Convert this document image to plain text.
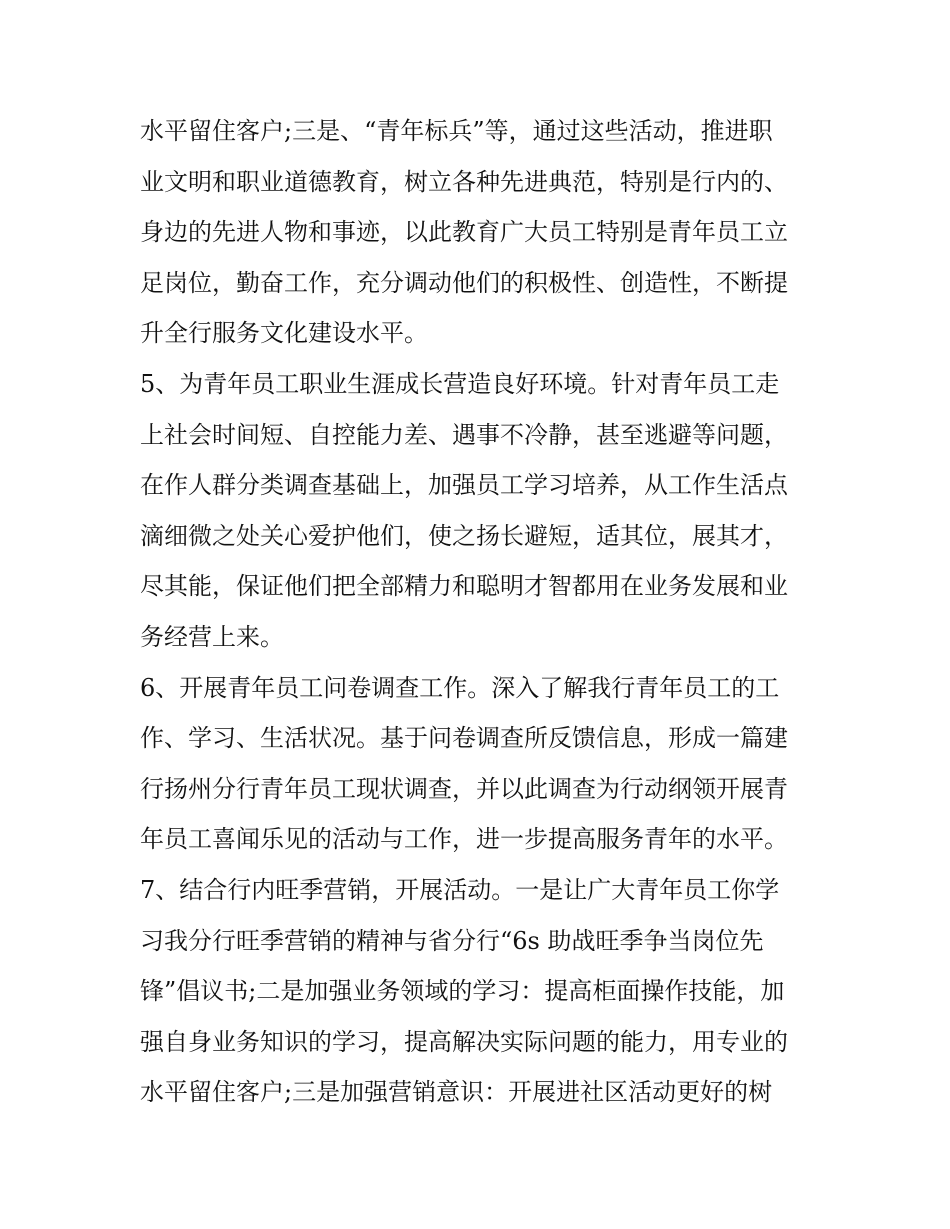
水平留住客户;三是、“青年标兵”等，通过这些活动，推进职
业文明和职业道德教育，树立各种先进典范，特别是行内的、
身边的先进人物和事迹，以此教育广大员工特别是青年员工立
足岗位，勤奋工作，充分调动他们的积极性、创造性，不断提
升全行服务文化建设水平。
5、为青年员工职业生涯成长营造良好环境。针对青年员工走
上社会时间短、自控能力差、遇事不冷静，甚至逃避等问题，
在作人群分类调查基础上，加强员工学习培养，从工作生活点
滴细微之处关心爱护他们，使之扬长避短，适其位，展其才，
尽其能，保证他们把全部精力和聪明才智都用在业务发展和业
务经营上来。
6、开展青年员工问卷调查工作。深入了解我行青年员工的工
作、学习、生活状况。基于问卷调查所反馈信息，形成一篇建
行扬州分行青年员工现状调查，并以此调查为行动纲领开展青
年员工喜闻乐见的活动与工作，进一步提高服务青年的水平。
7、结合行内旺季营销，开展活动。一是让广大青年员工你学
习我分行旺季营销的精神与省分行“6s 助战旺季争当岗位先
锋”倡议书;二是加强业务领域的学习：提高柜面操作技能，加
强自身业务知识的学习，提高解决实际问题的能力，用专业的
水平留住客户;三是加强营销意识：开展进社区活动更好的树
